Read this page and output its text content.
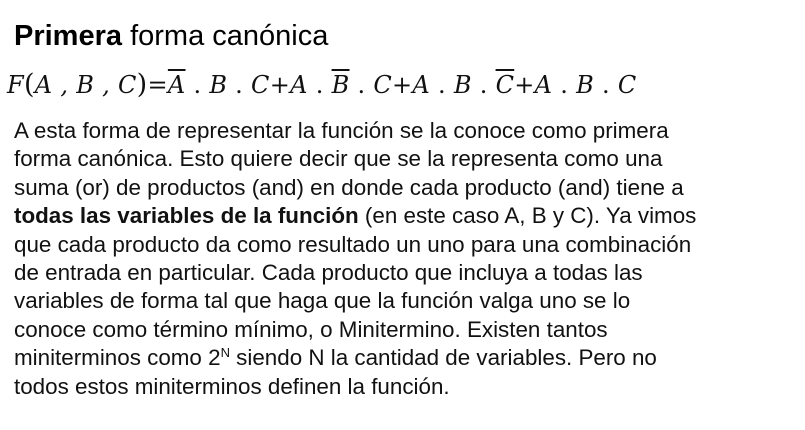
Primera forma canónica
F(A , B , $C)=\overline{A}$ . B . C+A . $\overline{B}$ . C+A . B . $\overline{C}+A$ . B . C

A esta forma de representar la función se la conoce como primera
forma canónica. Esto quiere decir que se la representa como una
suma (or) de productos (and) en donde cada producto (and) tiene a
todas las variables de la función (en este caso A, B y C). Ya vimos
que cada producto da como resultado un uno para una combinación
de entrada en particular. Cada producto que incluya a todas las
variables de forma tal que haga que la función valga uno se lo
conoce como término mínimo, o Minitermino. Existen tantos
miniterminos como $2^N$ siendo N la cantidad de variables. Pero no
todos estos miniterminos definen la función.
